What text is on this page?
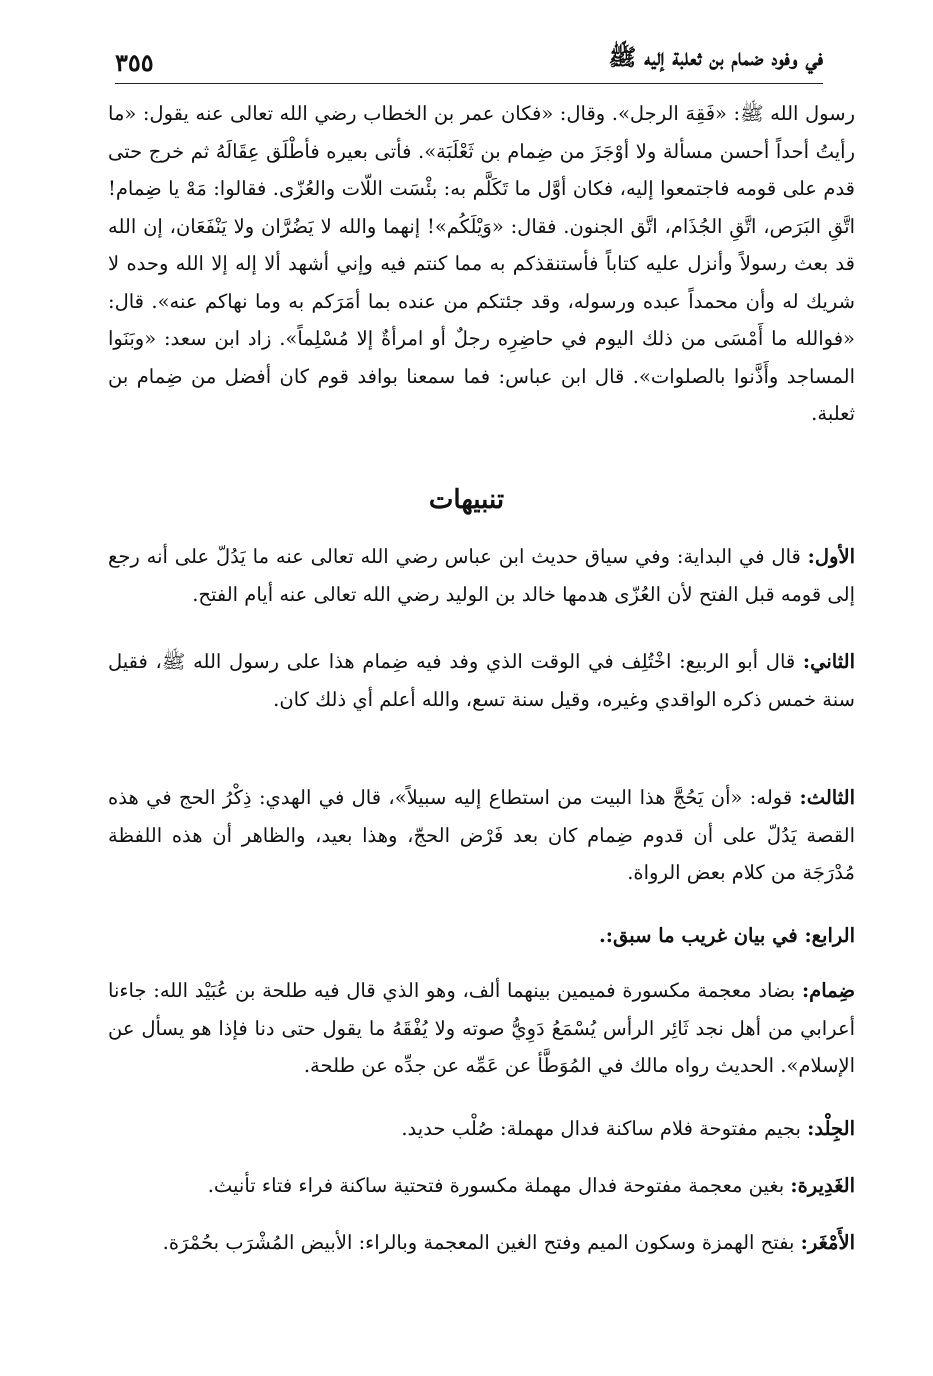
في وفود ضمام بن ثعلبة إليه ﷺ
٣٥٥

رسول الله ﷺ: «فَقِهَ الرجل». وقال: «فكان عمر بن الخطاب رضي الله تعالى عنه يقول: «ما رأيتُ أحداً أحسن مسألة ولا أوْجَزَ من ضِمام بن ثَعْلَبَة». فأتى بعيره فأطْلَق عِقَالَهُ ثم خرج حتى قدم على قومه فاجتمعوا إليه، فكان أوَّل ما تَكَلَّم به: بئْسَت اللّات والعُزّى. فقالوا: مَهْ يا ضِمام! اتَّقِ البَرَص، اتَّقِ الجُذَام، اتَّق الجنون. فقال: «وَيْلَكُم»! إنهما والله لا يَضُرَّان ولا يَنْفَعَان، إن الله قد بعث رسولاً وأنزل عليه كتاباً فأستنقذكم به مما كنتم فيه وإني أشهد ألا إله إلا الله وحده لا شريك له وأن محمداً عبده ورسوله، وقد جئتكم من عنده بما أمَرَكم به وما نهاكم عنه». قال: «فوالله ما أَمْسَى من ذلك اليوم في حاضِرِه رجلٌ أو امرأةٌ إلا مُسْلِماً». زاد ابن سعد: «وبَنَوا المساجد وأَذَّنوا بالصلوات». قال ابن عباس: فما سمعنا بوافد قوم كان أفضل من ضِمام بن ثعلبة.

تنبيهات

الأول: قال في البداية: وفي سياق حديث ابن عباس رضي الله تعالى عنه ما يَدُلّ على أنه رجع إلى قومه قبل الفتح لأن العُزّى هدمها خالد بن الوليد رضي الله تعالى عنه أيام الفتح.

الثاني: قال أبو الربيع: اخْتُلِف في الوقت الذي وفد فيه ضِمام هذا على رسول الله ﷺ، فقيل سنة خمس ذكره الواقدي وغيره، وقيل سنة تسع، والله أعلم أي ذلك كان.

الثالث: قوله: «أن يَحُجَّ هذا البيت من استطاع إليه سبيلاً»، قال في الهدي: ذِكْرُ الحج في هذه القصة يَدُلّ على أن قدوم ضِمام كان بعد فَرْض الحجّ، وهذا بعيد، والظاهر أن هذه اللفظة مُدْرَجَة من كلام بعض الرواة.

الرابع: في بيان غريب ما سبق:.

ضِمام: بضاد معجمة مكسورة فميمين بينهما ألف، وهو الذي قال فيه طلحة بن عُبَيْد الله: جاءنا أعرابي من أهل نجد ثَائِر الرأس يُسْمَعُ دَوِيُّ صوته ولا يُفْقَهُ ما يقول حتى دنا فإذا هو يسأل عن الإسلام». الحديث رواه مالك في المُوَطَّأ عن عَمِّه عن جدِّه عن طلحة.

الجِلْد: بجيم مفتوحة فلام ساكنة فدال مهملة: صُلْب حديد.

الغَدِيرة: بغين معجمة مفتوحة فدال مهملة مكسورة فتحتية ساكنة فراء فتاء تأنيث.

الأَمْغَر: بفتح الهمزة وسكون الميم وفتح الغين المعجمة وبالراء: الأبيض المُشْرَب بحُمْرَة.
